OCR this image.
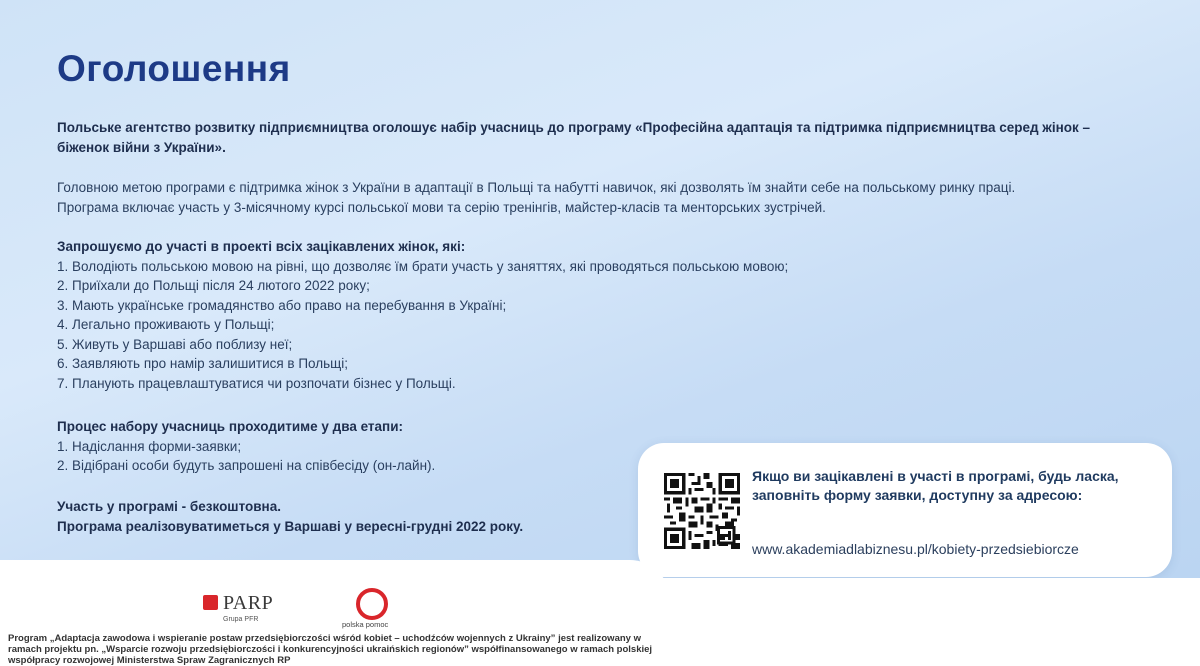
Оголошення
Польське агентство розвитку підприємництва оголошує набір учасниць до програму «Професійна адаптація та підтримка підприємництва серед жінок – біженок війни з України».
Головною метою програми є підтримка жінок з України в адаптації в Польщі та набутті навичок, які дозволять їм знайти себе на польському ринку праці.
Програма включає участь у 3-місячному курсі польської мови та серію тренінгів, майстер-класів та менторських зустрічей.
Запрошуємо до участі в проекті всіх зацікавлених жінок, які:
1. Володіють польською мовою на рівні, що дозволяє їм брати участь у заняттях, які проводяться польською мовою;
2. Приїхали до Польщі після 24 лютого 2022 року;
3. Мають українське громадянство або право на перебування в Україні;
4. Легально проживають у Польщі;
5. Живуть у Варшаві або поблизу неї;
6. Заявляють про намір залишитися в Польщі;
7. Планують працевлаштуватися чи розпочати бізнес у Польщі.
Процес набору учасниць проходитиме у два етапи:
1. Надіслання форми-заявки;
2. Відібрані особи будуть запрошені на співбесіду (он-лайн).
Участь у програмі - безкоштовна.
Програма реалізовуватиметься у Варшаві у вересні-грудні 2022 року.
Якщо ви зацікавлені в участі в програмі, будь ласка, заповніть форму заявки, доступну за адресою:
www.akademiadlabiznesu.pl/kobiety-przedsiebiorcze
PARP
Grupa PFR
polska pomoc
Program „Adaptacja zawodowa i wspieranie postaw przedsiębiorczości wśród kobiet – uchodźców wojennych z Ukrainy” jest realizowany w ramach projektu pn. „Wsparcie rozwoju przedsiębiorczości i konkurencyjności ukraińskich regionów” współfinansowanego w ramach polskiej współpracy rozwojowej Ministerstwa Spraw Zagranicznych RP
